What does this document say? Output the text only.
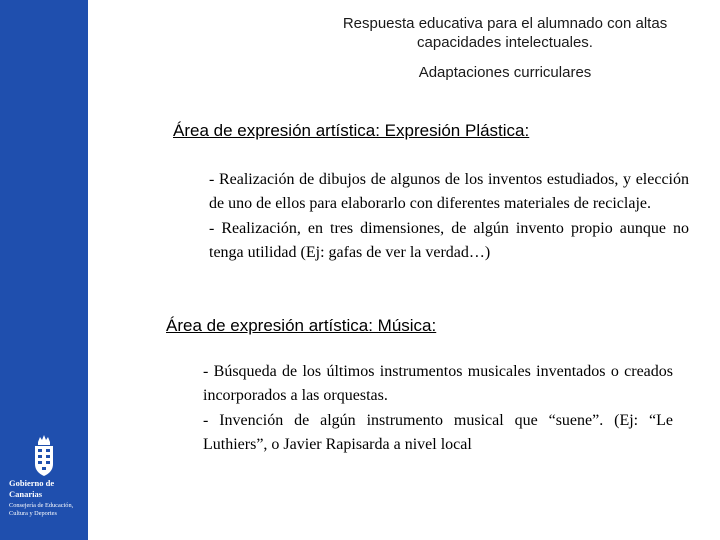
Gobierno de Canarias
Consejería de Educación, Cultura y Deportes
Respuesta educativa para el alumnado con altas capacidades intelectuales.
Adaptaciones curriculares
Área de expresión artística: Expresión Plástica:
- Realización de dibujos de algunos de los inventos estudiados, y elección de uno de ellos para elaborarlo con diferentes materiales de reciclaje.
- Realización, en tres dimensiones, de algún invento propio aunque no tenga utilidad (Ej: gafas de ver la verdad…)
Área de expresión artística: Música:
- Búsqueda de los últimos instrumentos musicales inventados o creados incorporados a las orquestas.
- Invención de algún instrumento musical que “suene”. (Ej: “Le Luthiers”, o Javier Rapisarda a nivel local
